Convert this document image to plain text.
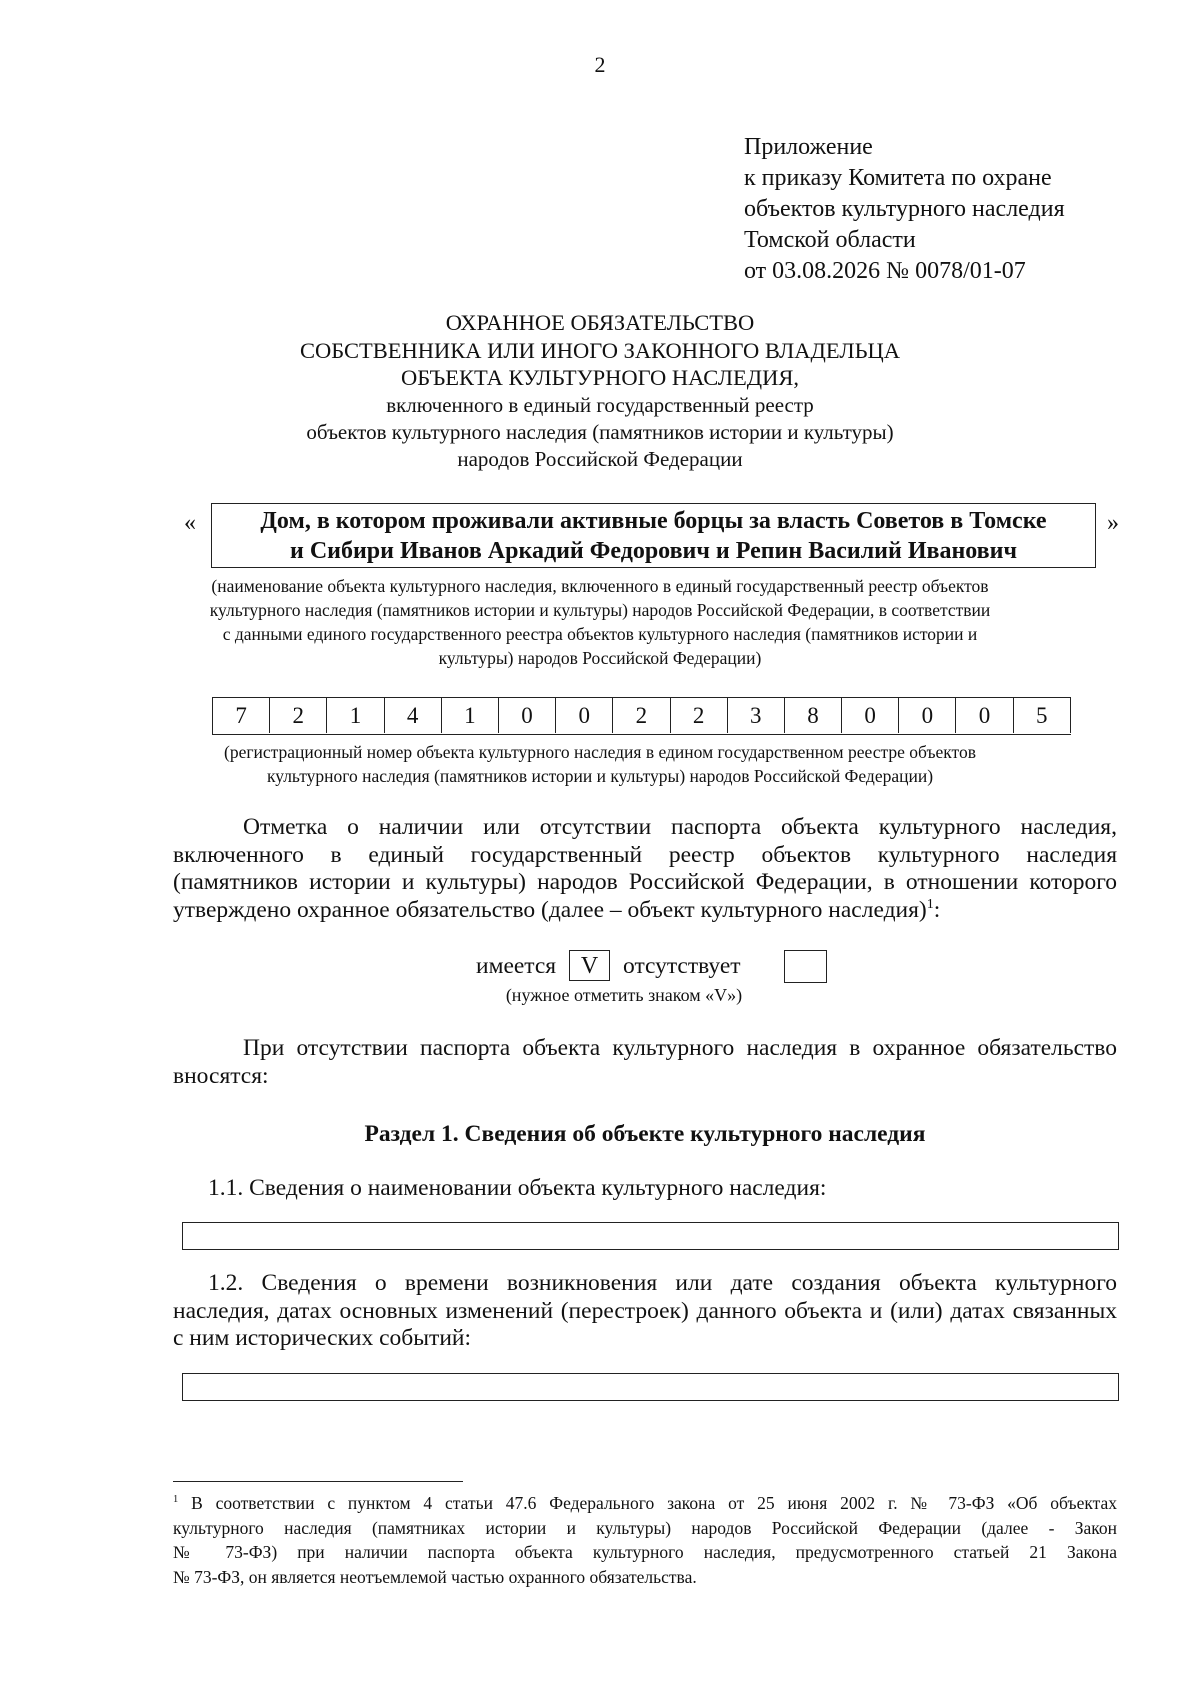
2
Приложение
к приказу Комитета по охране
объектов культурного наследия
Томской области
от 03.08.2026 № 0078/01-07
ОХРАННОЕ ОБЯЗАТЕЛЬСТВО
СОБСТВЕННИКА ИЛИ ИНОГО ЗАКОННОГО ВЛАДЕЛЬЦА
ОБЪЕКТА КУЛЬТУРНОГО НАСЛЕДИЯ,
включенного в единый государственный реестр
объектов культурного наследия (памятников истории и культуры)
народов Российской Федерации
«	Дом, в котором проживали активные борцы за власть Советов в Томске
и Сибири Иванов Аркадий Федорович и Репин Василий Иванович
»
(наименование объекта культурного наследия, включенного в единый государственный реестр объектов
культурного наследия (памятников истории и культуры) народов Российской Федерации, в соответствии
с данными единого государственного реестра объектов культурного наследия (памятников истории и
культуры) народов Российской Федерации)
7	2	1	4	1	0	0	2	2	3	8	0	0	0	5
(регистрационный номер объекта культурного наследия в едином государственном реестре объектов
культурного наследия (памятников истории и культуры) народов Российской Федерации)
Отметка о наличии или отсутствии паспорта объекта культурного наследия,
включенного в единый государственный реестр объектов культурного наследия
(памятников истории и культуры) народов Российской Федерации, в отношении которого
утверждено охранное обязательство (далее – объект культурного наследия)$^1$:
имеется	V	отсутствует
(нужное отметить знаком «V»)
При отсутствии паспорта объекта культурного наследия в охранное обязательство
вносятся:
Раздел 1. Сведения об объекте культурного наследия
1.1. Сведения о наименовании объекта культурного наследия:
1.2. Сведения о времени возникновения или дате создания объекта культурного
наследия, датах основных изменений (перестроек) данного объекта и (или) датах связанных
с ним исторических событий:
$^1$ В соответствии с пунктом 4 статьи 47.6 Федерального закона от 25 июня 2002 г. № 73-ФЗ «Об объектах
культурного наследия (памятниках истории и культуры) народов Российской Федерации (далее - Закон
№ 73-ФЗ) при наличии паспорта объекта культурного наследия, предусмотренного статьей 21 Закона
№ 73-ФЗ, он является неотъемлемой частью охранного обязательства.
